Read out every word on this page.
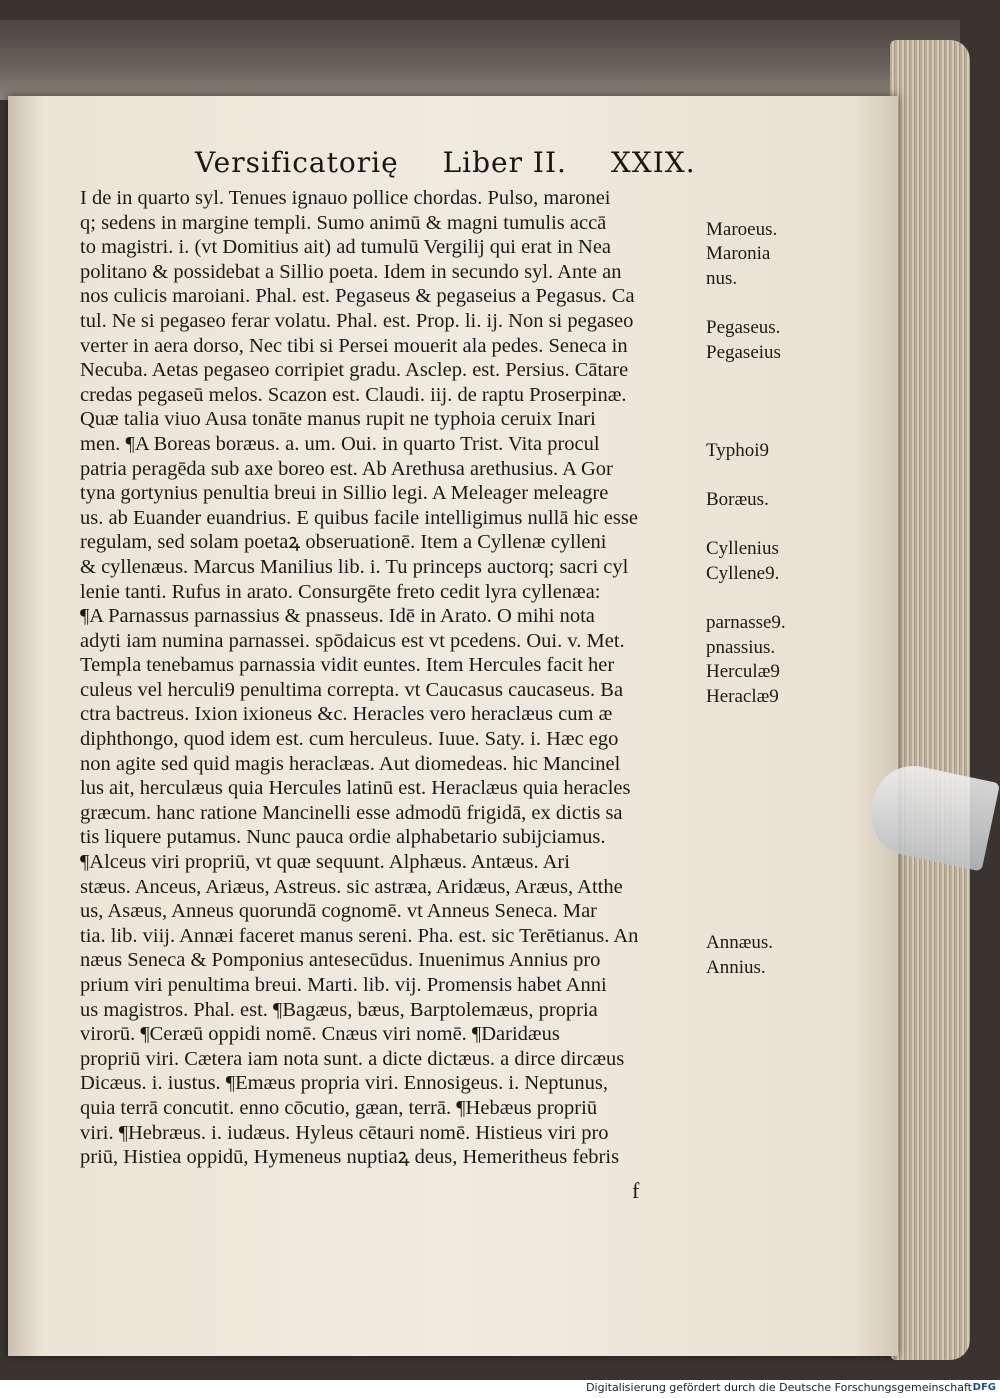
Versificatorię Liber II. XXIX.
I de in quarto syl. Tenues ignauo pollice chordas. Pulso, maronei
q; sedens in margine templi. Sumo animū & magni tumulis accā
to magistri. i. (vt Domitius ait) ad tumulū Vergilij qui erat in Nea
politano & possidebat a Sillio poeta. Idem in secundo syl. Ante an
nos culicis maroiani. Phal. est. Pegaseus & pegaseius a Pegasus. Ca
tul. Ne si pegaseo ferar volatu. Phal. est. Prop. li. ij. Non si pegaseo
verter in aera dorso, Nec tibi si Persei mouerit ala pedes. Seneca in
Necuba. Aetas pegaseo corripiet gradu. Asclep. est. Persius. Cātare
credas pegaseū melos. Scazon est. Claudi. iij. de raptu Proserpinæ.
Quæ talia viuo Ausa tonāte manus rupit ne typhoia ceruix Inari
men. ¶A Boreas boræus. a. um. Oui. in quarto Trist. Vita procul
patria peragēda sub axe boreo est. Ab Arethusa arethusius. A Gor
tyna gortynius penultia breui in Sillio legi. A Meleager meleagre
us. ab Euander euandrius. E quibus facile intelligimus nullā hic esse
regulam, sed solam poetaꝝ obseruationē. Item a Cyllenæ cylleni
& cyllenæus. Marcus Manilius lib. i. Tu princeps auctorq; sacri cyl
lenie tanti. Rufus in arato. Consurgēte freto cedit lyra cyllenæa:
¶A Parnassus parnassius & pnasseus. Idē in Arato. O mihi nota
adyti iam numina parnassei. spōdaicus est vt pcedens. Oui. v. Met.
Templa tenebamus parnassia vidit euntes. Item Hercules facit her
culeus vel herculi9 penultima correpta. vt Caucasus caucaseus. Ba
ctra bactreus. Ixion ixioneus &c. Heracles vero heraclæus cum æ
diphthongo, quod idem est. cum herculeus. Iuue. Saty. i. Hæc ego
non agite sed quid magis heraclæas. Aut diomedeas. hic Mancinel
lus ait, herculæus quia Hercules latinū est. Heraclæus quia heracles
græcum. hanc ratione Mancinelli esse admodū frigidā, ex dictis sa
tis liquere putamus. Nunc pauca ordie alphabetario subijciamus.
¶Alceus viri propriū, vt quæ sequunt. Alphæus. Antæus. Ari
stæus. Anceus, Ariæus, Astreus. sic astræa, Aridæus, Aræus, Atthe
us, Asæus, Anneus quorundā cognomē. vt Anneus Seneca. Mar
tia. lib. viij. Annæi faceret manus sereni. Pha. est. sic Terētianus. An
næus Seneca & Pomponius antesecūdus. Inuenimus Annius pro
prium viri penultima breui. Marti. lib. vij. Promensis habet Anni
us magistros. Phal. est. ¶Bagæus, bæus, Barptolemæus, propria
virorū. ¶Ceræū oppidi nomē. Cnæus viri nomē. ¶Daridæus
propriū viri. Cætera iam nota sunt. a dicte dictæus. a dirce dircæus
Dicæus. i. iustus. ¶Emæus propria viri. Ennosigeus. i. Neptunus,
quia terrā concutit. enno cōcutio, gæan, terrā. ¶Hebæus propriū
viri. ¶Hebræus. i. iudæus. Hyleus cētauri nomē. Histieus viri pro
priū, Histiea oppidū, Hymeneus nuptiaꝝ deus, Hemeritheus febris
Maroeus.
Maronia
nus.
Pegaseus.
Pegaseius
Typhoi9
Boræus.
Cyllenius
Cyllene9.
parnasse9.
pnassius.
Herculæ9
Heraclæ9
Annæus.
Annius.
f
Digitalisierung gefördert durch die Deutsche Forschungsgemeinschaft DFG
